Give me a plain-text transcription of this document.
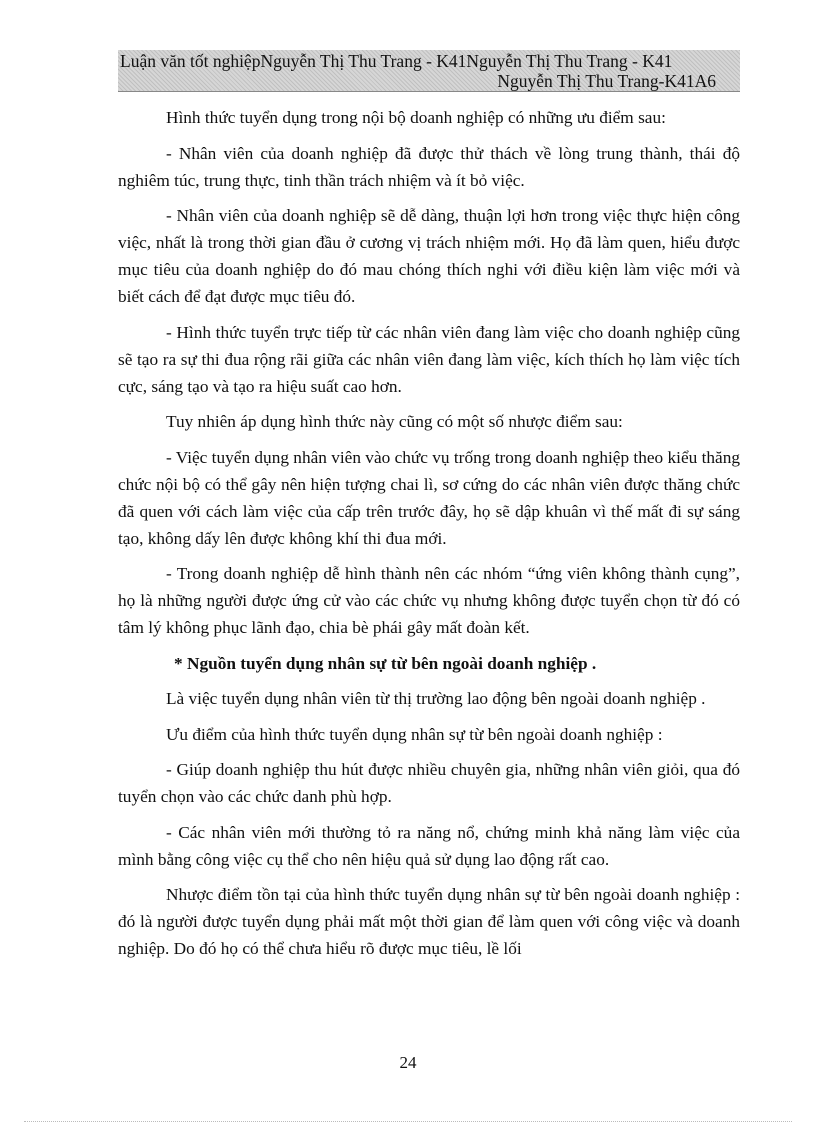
Luận văn tốt nghiệpNguyễn Thị Thu Trang - K41Nguyễn Thị Thu Trang - K41
Nguyễn Thị Thu Trang-K41A6

Hình thức tuyển dụng trong nội bộ doanh nghiệp có những ưu điểm sau:

- Nhân viên của doanh nghiệp đã được thử thách về lòng trung thành, thái độ nghiêm túc, trung thực, tinh thần trách nhiệm và ít bỏ việc.

- Nhân viên của doanh nghiệp sẽ dễ dàng, thuận lợi hơn trong việc thực hiện công việc, nhất là trong thời gian đầu ở cương vị trách nhiệm mới. Họ đã làm quen, hiểu được mục tiêu của doanh nghiệp do đó mau chóng thích nghi với điều kiện làm việc mới và biết cách để đạt được mục tiêu đó.

- Hình thức tuyển trực tiếp từ các nhân viên đang làm việc cho doanh nghiệp cũng sẽ tạo ra sự thi đua rộng rãi giữa các nhân viên đang làm việc, kích thích họ làm việc tích cực, sáng tạo và tạo ra hiệu suất cao hơn.

Tuy nhiên áp dụng hình thức này cũng có một số nhược điểm sau:

- Việc tuyển dụng nhân viên vào chức vụ trống trong doanh nghiệp theo kiểu thăng chức nội bộ có thể gây nên hiện tượng chai lì, sơ cứng do các nhân viên được thăng chức đã quen với cách làm việc của cấp trên trước đây, họ sẽ dập khuân vì thế mất đi sự sáng tạo, không dấy lên được không khí thi đua mới.

- Trong doanh nghiệp dễ hình thành nên các nhóm “ứng viên không thành cụng”, họ là những người được ứng cử vào các chức vụ nhưng không được tuyển chọn từ đó có tâm lý không phục lãnh đạo, chia bè phái gây mất đoàn kết.

* Nguồn tuyển dụng nhân sự từ bên ngoài doanh nghiệp .

Là việc tuyển dụng nhân viên từ thị trường lao động bên ngoài doanh nghiệp .

Ưu điểm của hình thức tuyển dụng nhân sự từ bên ngoài doanh nghiệp :

- Giúp doanh nghiệp thu hút được nhiều chuyên gia, những nhân viên giỏi, qua đó tuyển chọn vào các chức danh phù hợp.

- Các nhân viên mới thường tỏ ra năng nổ, chứng minh khả năng làm việc của mình bằng công việc cụ thể cho nên hiệu quả sử dụng lao động rất cao.

Nhược điểm tồn tại của hình thức tuyển dụng nhân sự từ bên ngoài doanh nghiệp : đó là người được tuyển dụng phải mất một thời gian để làm quen với công việc và doanh nghiệp. Do đó họ có thể chưa hiểu rõ được mục tiêu, lề lối

24
